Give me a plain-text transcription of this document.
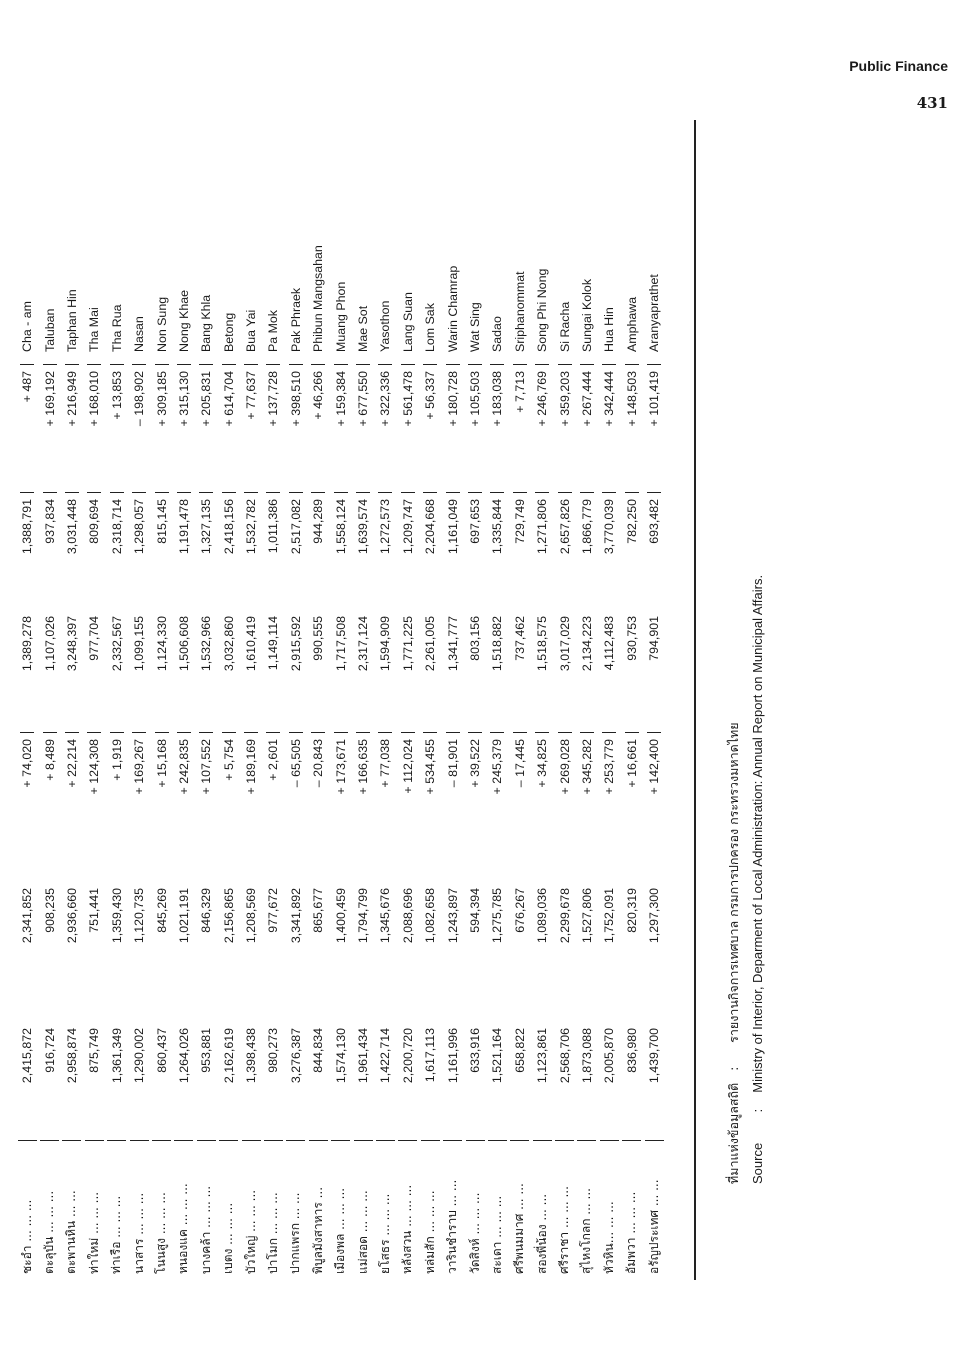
Public Finance
431
ชะอำ ... ... ...
2,415,872
2,341,852
+ 74,020
1,389,278
1,388,791
+ 487
Cha - am
ตะลุบัน ... ... ...
916,724
908,235
+ 8,489
1,107,026
937,834
+ 169,192
Taluban
ตะพานหิน ... ...
2,958,874
2,936,660
+ 22,214
3,248,397
3,031,448
+ 216,949
Taphan Hin
ท่าใหม่ ... ... ...
875,749
751,441
+ 124,308
977,704
809,694
+ 168,010
Tha Mai
ท่าเรือ ... ... ...
1,361,349
1,359,430
+ 1,919
2,332,567
2,318,714
+ 13,853
Tha Rua
นาสาร ... ... ...
1,290,002
1,120,735
+ 169,267
1,099,155
1,298,057
– 198,902
Nasan
โนนสูง ... ... ...
860,437
845,269
+ 15,168
1,124,330
815,145
+ 309,185
Non Sung
หนองแค ... ... ...
1,264,026
1,021,191
+ 242,835
1,506,608
1,191,478
+ 315,130
Nong Khae
บางคล้า ... ... ...
953,881
846,329
+ 107,552
1,532,966
1,327,135
+ 205,831
Bang Khla
เบตง ... ... ...
2,162,619
2,156,865
+ 5,754
3,032,860
2,418,156
+ 614,704
Betong
บัวใหญ่ ... ... ...
1,398,438
1,208,569
+ 189,169
1,610,419
1,532,782
+ 77,637
Bua Yai
ป่าโมก ... ... ...
980,273
977,672
+ 2,601
1,149,114
1,011,386
+ 137,728
Pa Mok
ปากแพรก ... ...
3,276,387
3,341,892
– 65,505
2,915,592
2,517,082
+ 398,510
Pak Phraek
พิบูลมังสาหาร ...
844,834
865,677
– 20,843
990,555
944,289
+ 46,266
Phibun Mangsahan
เมืองพล ... ... ...
1,574,130
1,400,459
+ 173,671
1,717,508
1,558,124
+ 159,384
Muang Phon
แม่สอด ... ... ...
1,961,434
1,794,799
+ 166,635
2,317,124
1,639,574
+ 677,550
Mae Sot
ยโสธร ... ... ...
1,422,714
1,345,676
+ 77,038
1,594,909
1,272,573
+ 322,336
Yasothon
หลังสวน ... ... ...
2,200,720
2,088,696
+ 112,024
1,771,225
1,209,747
+ 561,478
Lang Suan
หล่มสัก ... ... ...
1,617,113
1,082,658
+ 534,455
2,261,005
2,204,668
+ 56,337
Lom Sak
วารินชำราบ ... ...
1,161,996
1,243,897
– 81,901
1,341,777
1,161,049
+ 180,728
Warin Chamrap
วัดสิงห์ ... ... ...
633,916
594,394
+ 39,522
803,156
697,653
+ 105,503
Wat Sing
สะเดา ... ... ...
1,521,164
1,275,785
+ 245,379
1,518,882
1,335,844
+ 183,038
Sadao
ศรีพนมมาศ ... ...
658,822
676,267
– 17,445
737,462
729,749
+ 7,713
Sriphanommat
สองพี่น้อง ... ...
1,123,861
1,089,036
+ 34,825
1,518,575
1,271,806
+ 246,769
Song Phi Nong
ศรีราชา ... ... ...
2,568,706
2,299,678
+ 269,028
3,017,029
2,657,826
+ 359,203
Si Racha
สุไหงโกลก ... ...
1,873,088
1,527,806
+ 345,282
2,134,223
1,866,779
+ 267,444
Sungai Kolok
หัวหิน... ... ...
2,005,870
1,752,091
+ 253,779
4,112,483
3,770,039
+ 342,444
Hua Hin
อัมพวา ... ... ...
836,980
820,319
+ 16,661
930,753
782,250
+ 148,503
Amphawa
อรัญประเทศ ... ...
1,439,700
1,297,300
+ 142,400
794,901
693,482
+ 101,419
Aranyaprathet
ที่มาแห่งข้อมูลสถิติ : รายงานกิจการเทศบาล กรมการปกครอง กระทรวงมหาดไทย
Source : Ministry of Interior, Deparment of Local Administration: Annual Report on Municipal Affairs.
